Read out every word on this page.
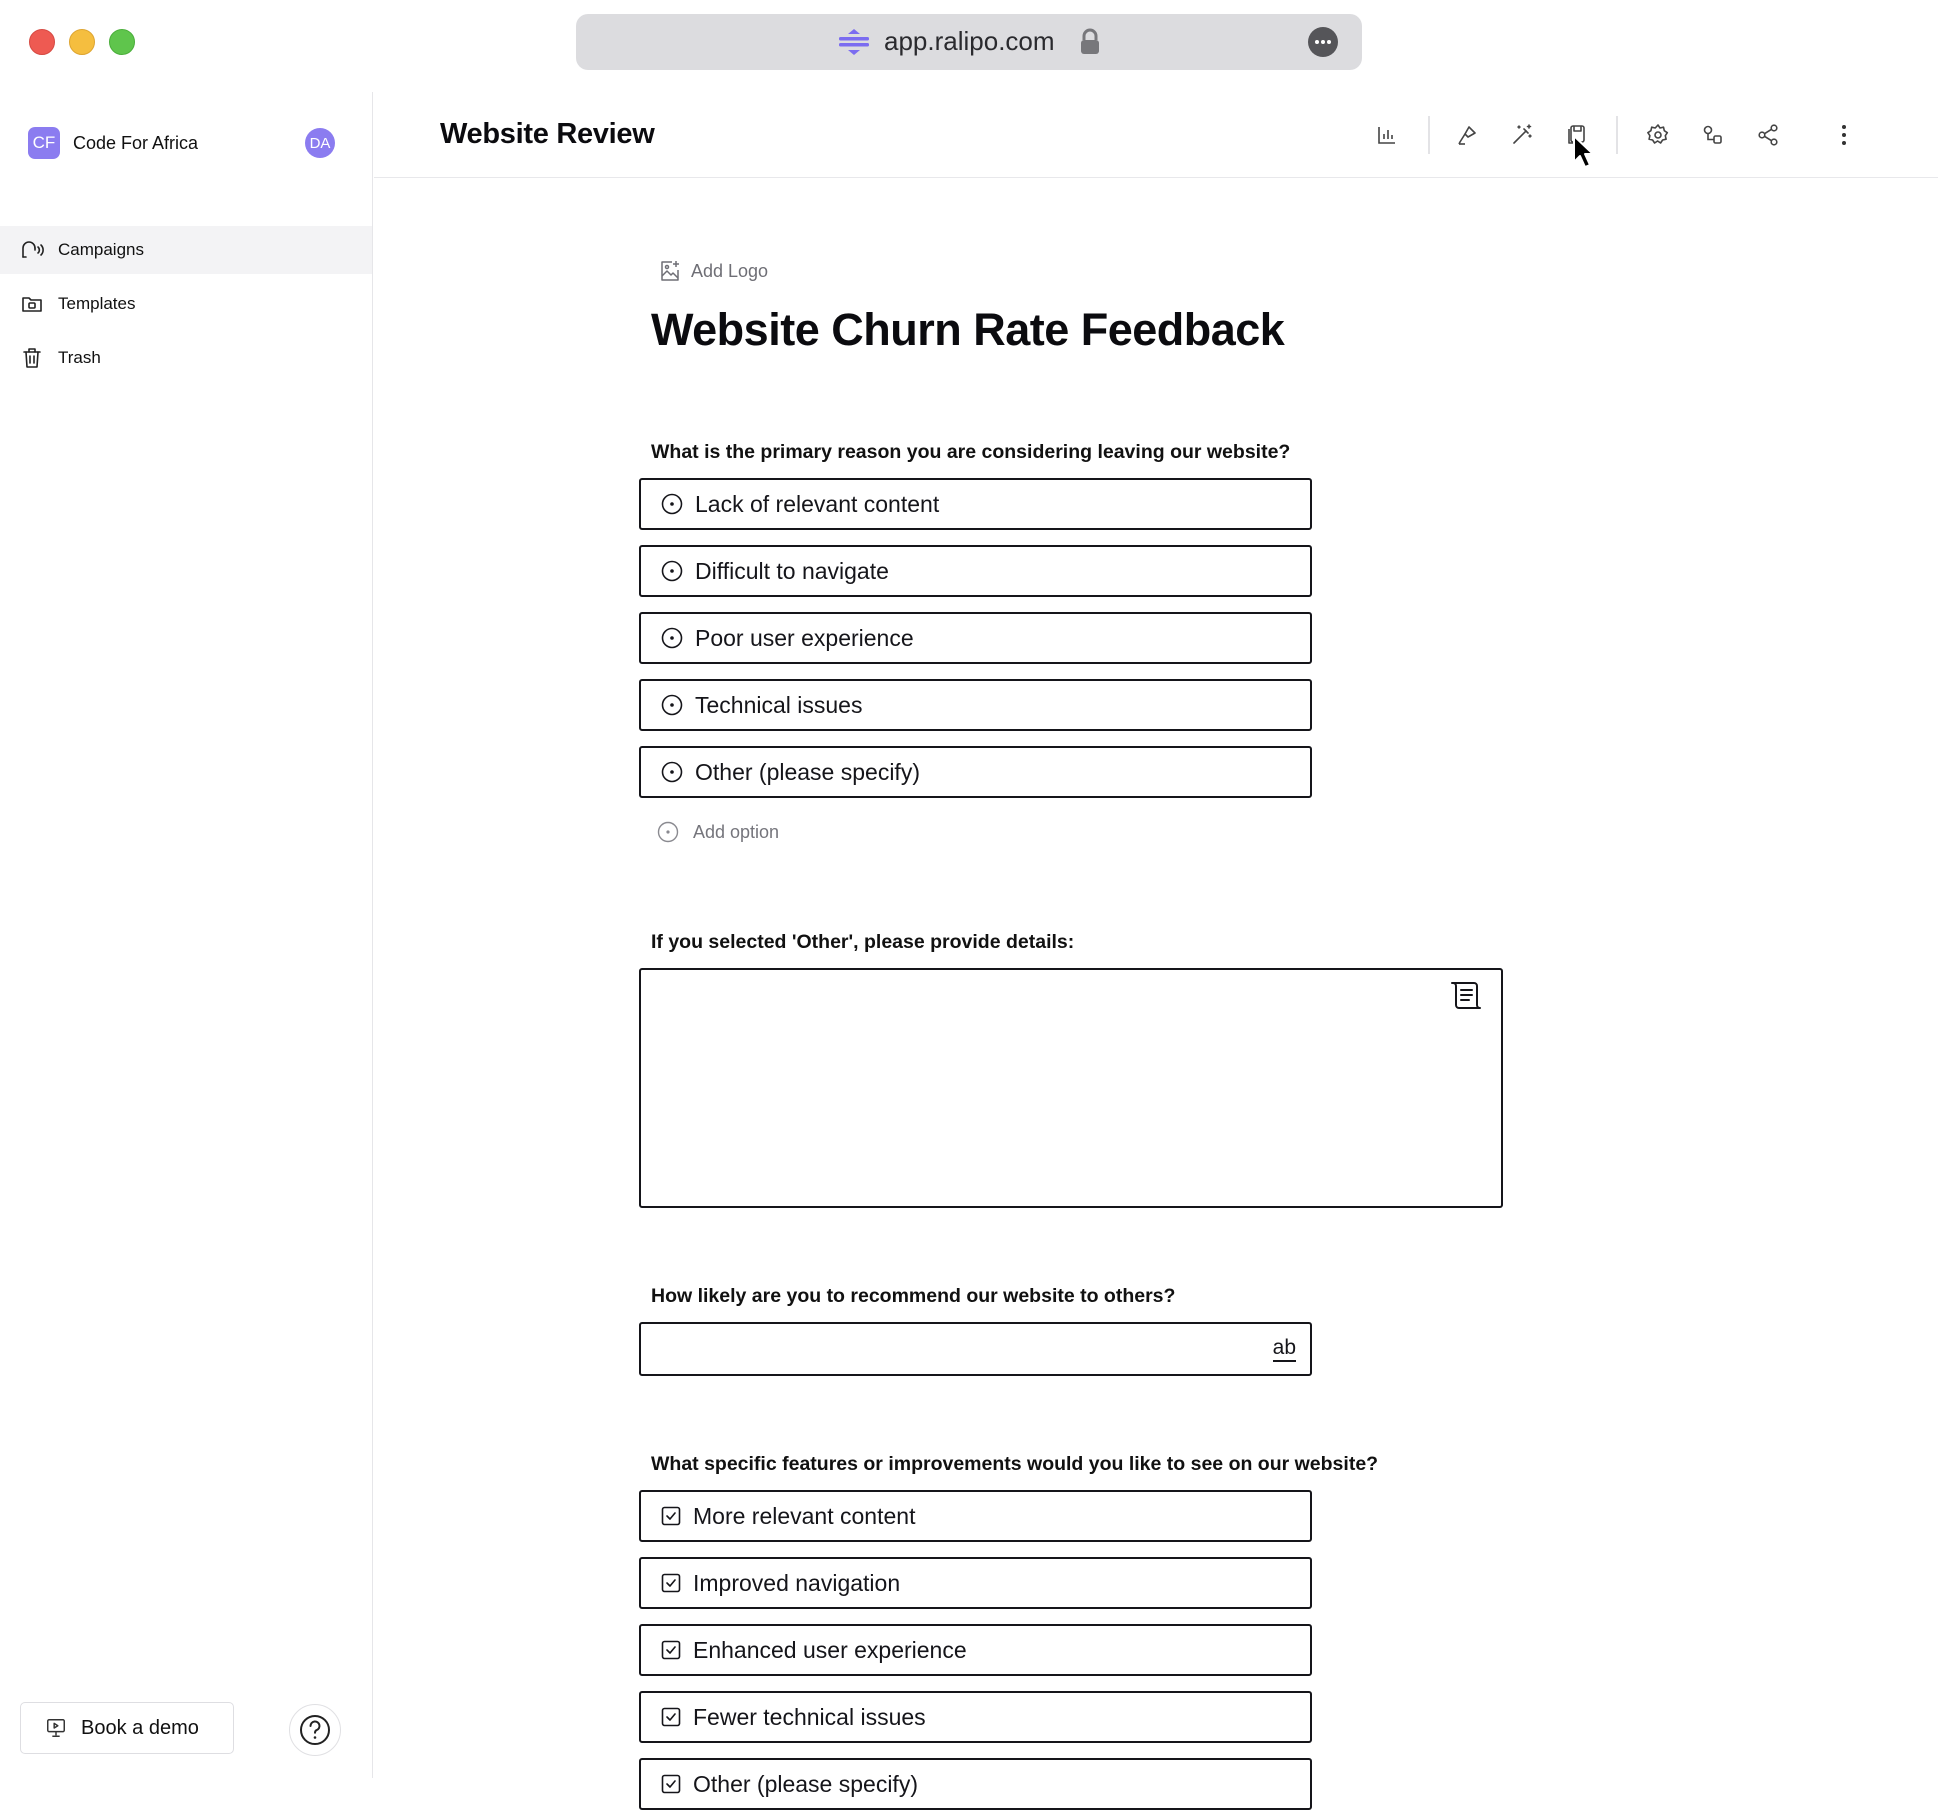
app.ralipo.com
CF Code For Africa	DA
Campaigns
Templates
Trash
Book a demo
Website Review
Add Logo
Website Churn Rate Feedback
What is the primary reason you are considering leaving our website?
Lack of relevant content
Difficult to navigate
Poor user experience
Technical issues
Other (please specify)
Add option
If you selected 'Other', please provide details:
How likely are you to recommend our website to others?
ab
What specific features or improvements would you like to see on our website?
More relevant content
Improved navigation
Enhanced user experience
Fewer technical issues
Other (please specify)
